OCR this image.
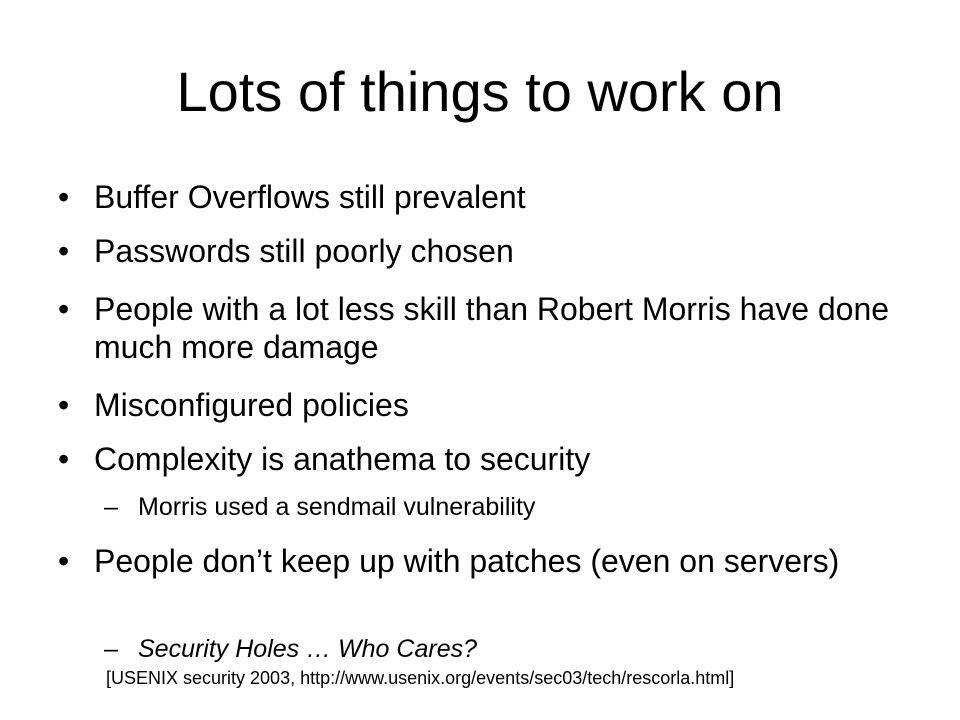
Lots of things to work on
• Buffer Overflows still prevalent
• Passwords still poorly chosen
• People with a lot less skill than Robert Morris have done much more damage
• Misconfigured policies
• Complexity is anathema to security
– Morris used a sendmail vulnerability
• People don’t keep up with patches (even on servers)
– Security Holes … Who Cares?
[USENIX security 2003, http://www.usenix.org/events/sec03/tech/rescorla.html]
